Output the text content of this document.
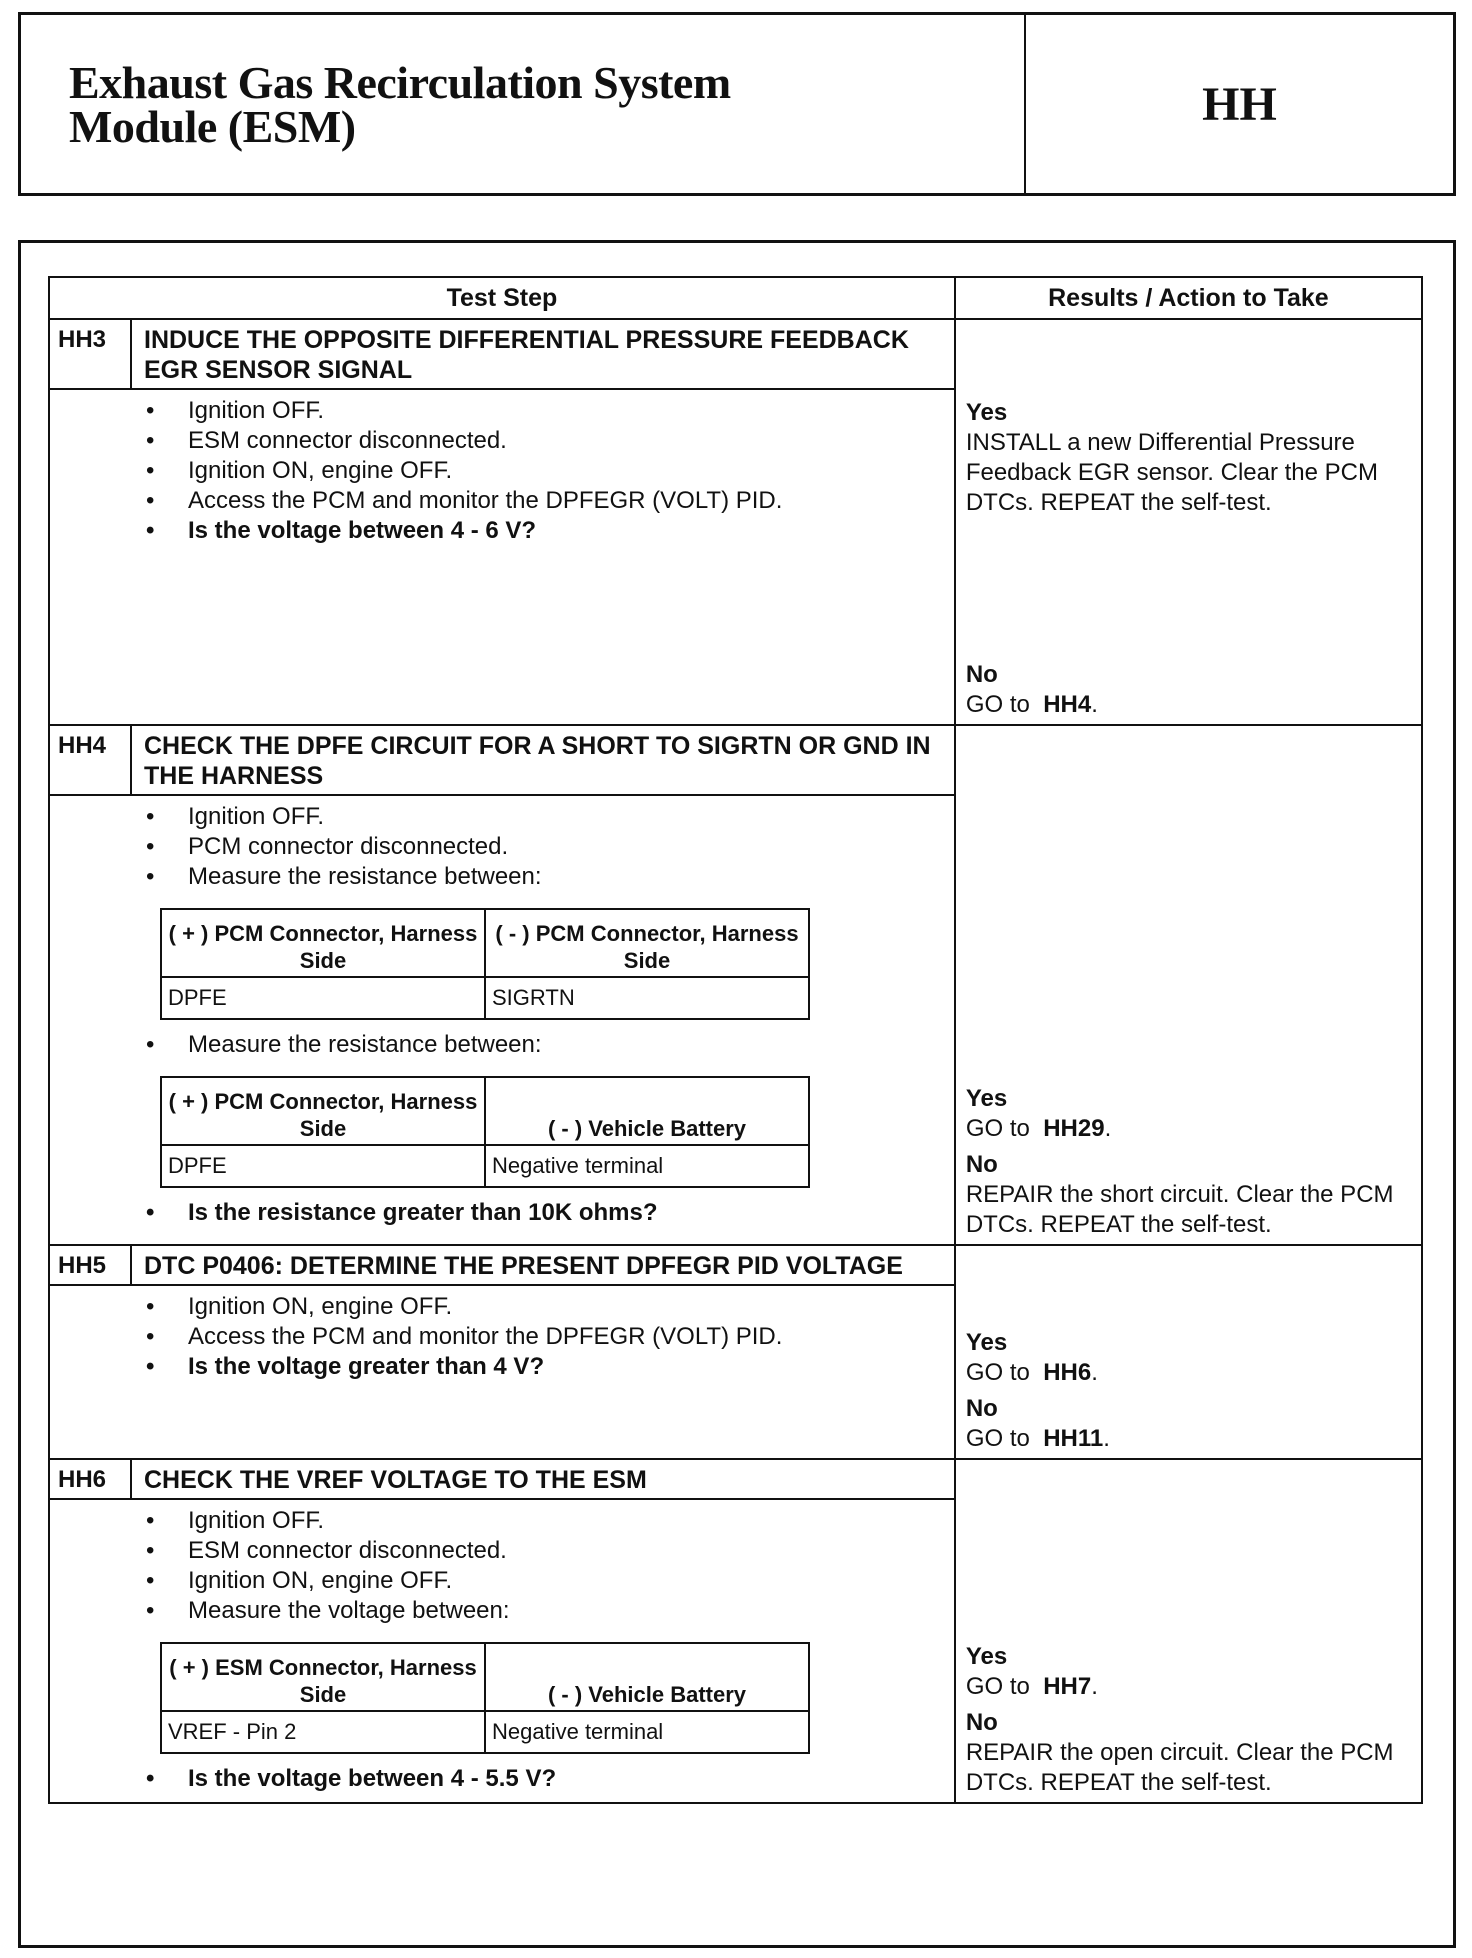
Exhaust Gas Recirculation System
Module (ESM)	HH
Test Step	Results / Action to Take

HH3	INDUCE THE OPPOSITE DIFFERENTIAL PRESSURE FEEDBACK EGR SENSOR SIGNAL
• Ignition OFF.
• ESM connector disconnected.
• Ignition ON, engine OFF.
• Access the PCM and monitor the DPFEGR (VOLT) PID.
• Is the voltage between 4 - 6 V?

Yes
INSTALL a new Differential Pressure Feedback EGR sensor. Clear the PCM DTCs. REPEAT the self-test.
No
GO to HH4.

HH4	CHECK THE DPFE CIRCUIT FOR A SHORT TO SIGRTN OR GND IN THE HARNESS
• Ignition OFF.
• PCM connector disconnected.
• Measure the resistance between:
( + ) PCM Connector, Harness Side	( - ) PCM Connector, Harness Side
DPFE	SIGRTN
• Measure the resistance between:
( + ) PCM Connector, Harness Side	( - ) Vehicle Battery
DPFE	Negative terminal
• Is the resistance greater than 10K ohms?

Yes
GO to HH29.
No
REPAIR the short circuit. Clear the PCM DTCs. REPEAT the self-test.

HH5	DTC P0406: DETERMINE THE PRESENT DPFEGR PID VOLTAGE
• Ignition ON, engine OFF.
• Access the PCM and monitor the DPFEGR (VOLT) PID.
• Is the voltage greater than 4 V?

Yes
GO to HH6.
No
GO to HH11.

HH6	CHECK THE VREF VOLTAGE TO THE ESM
• Ignition OFF.
• ESM connector disconnected.
• Ignition ON, engine OFF.
• Measure the voltage between:
( + ) ESM Connector, Harness Side	( - ) Vehicle Battery
VREF - Pin 2	Negative terminal
• Is the voltage between 4 - 5.5 V?

Yes
GO to HH7.
No
REPAIR the open circuit. Clear the PCM DTCs. REPEAT the self-test.
